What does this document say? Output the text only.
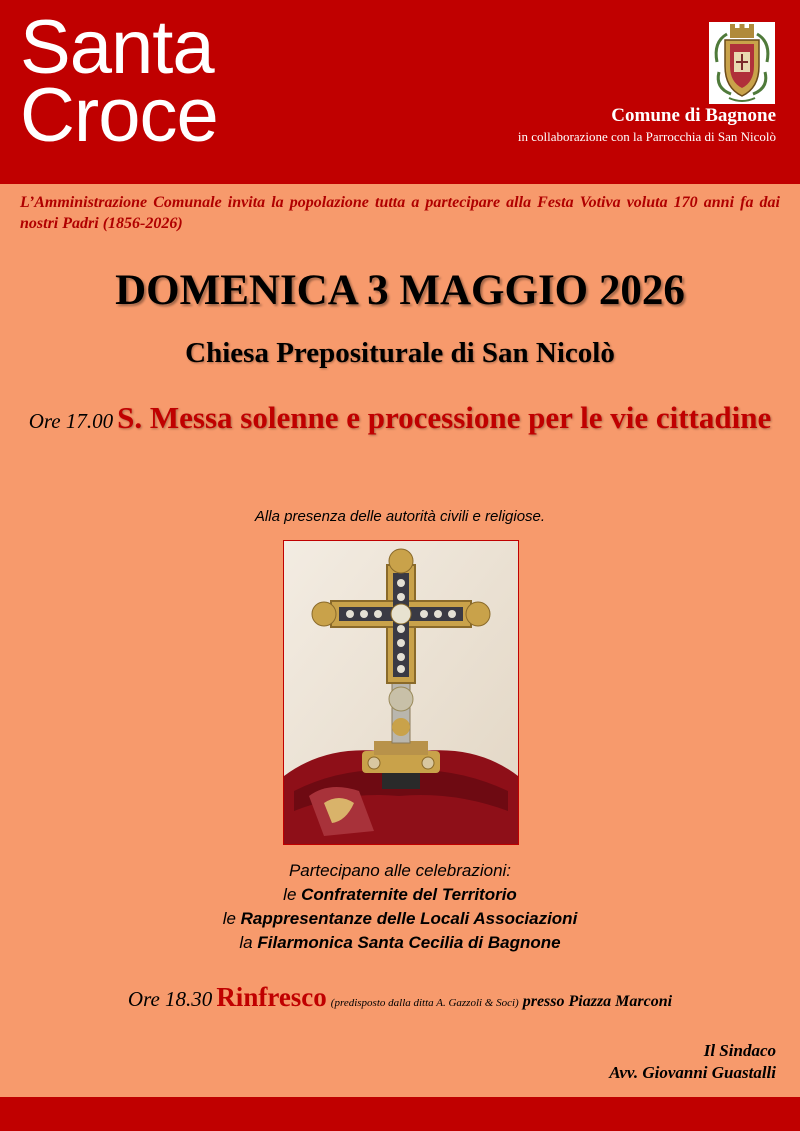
Santa
Croce	Comune di Bagnone
in collaborazione con la Parrocchia di San Nicolò
L’Amministrazione Comunale invita la popolazione tutta a partecipare alla Festa Votiva voluta 170 anni fa dai nostri Padri (1856-2026)
DOMENICA 3 MAGGIO 2026
Chiesa Prepositurale di San Nicolò
Ore 17.00 S. Messa solenne e processione per le vie cittadine
Alla presenza delle autorità civili e religiose.
Partecipano alle celebrazioni:
le Confraternite del Territorio
le Rappresentanze delle Locali Associazioni
la Filarmonica Santa Cecilia di Bagnone
Ore 18.30 Rinfresco (predisposto dalla ditta A. Gazzoli & Soci) presso Piazza Marconi
Il Sindaco
Avv. Giovanni Guastalli
